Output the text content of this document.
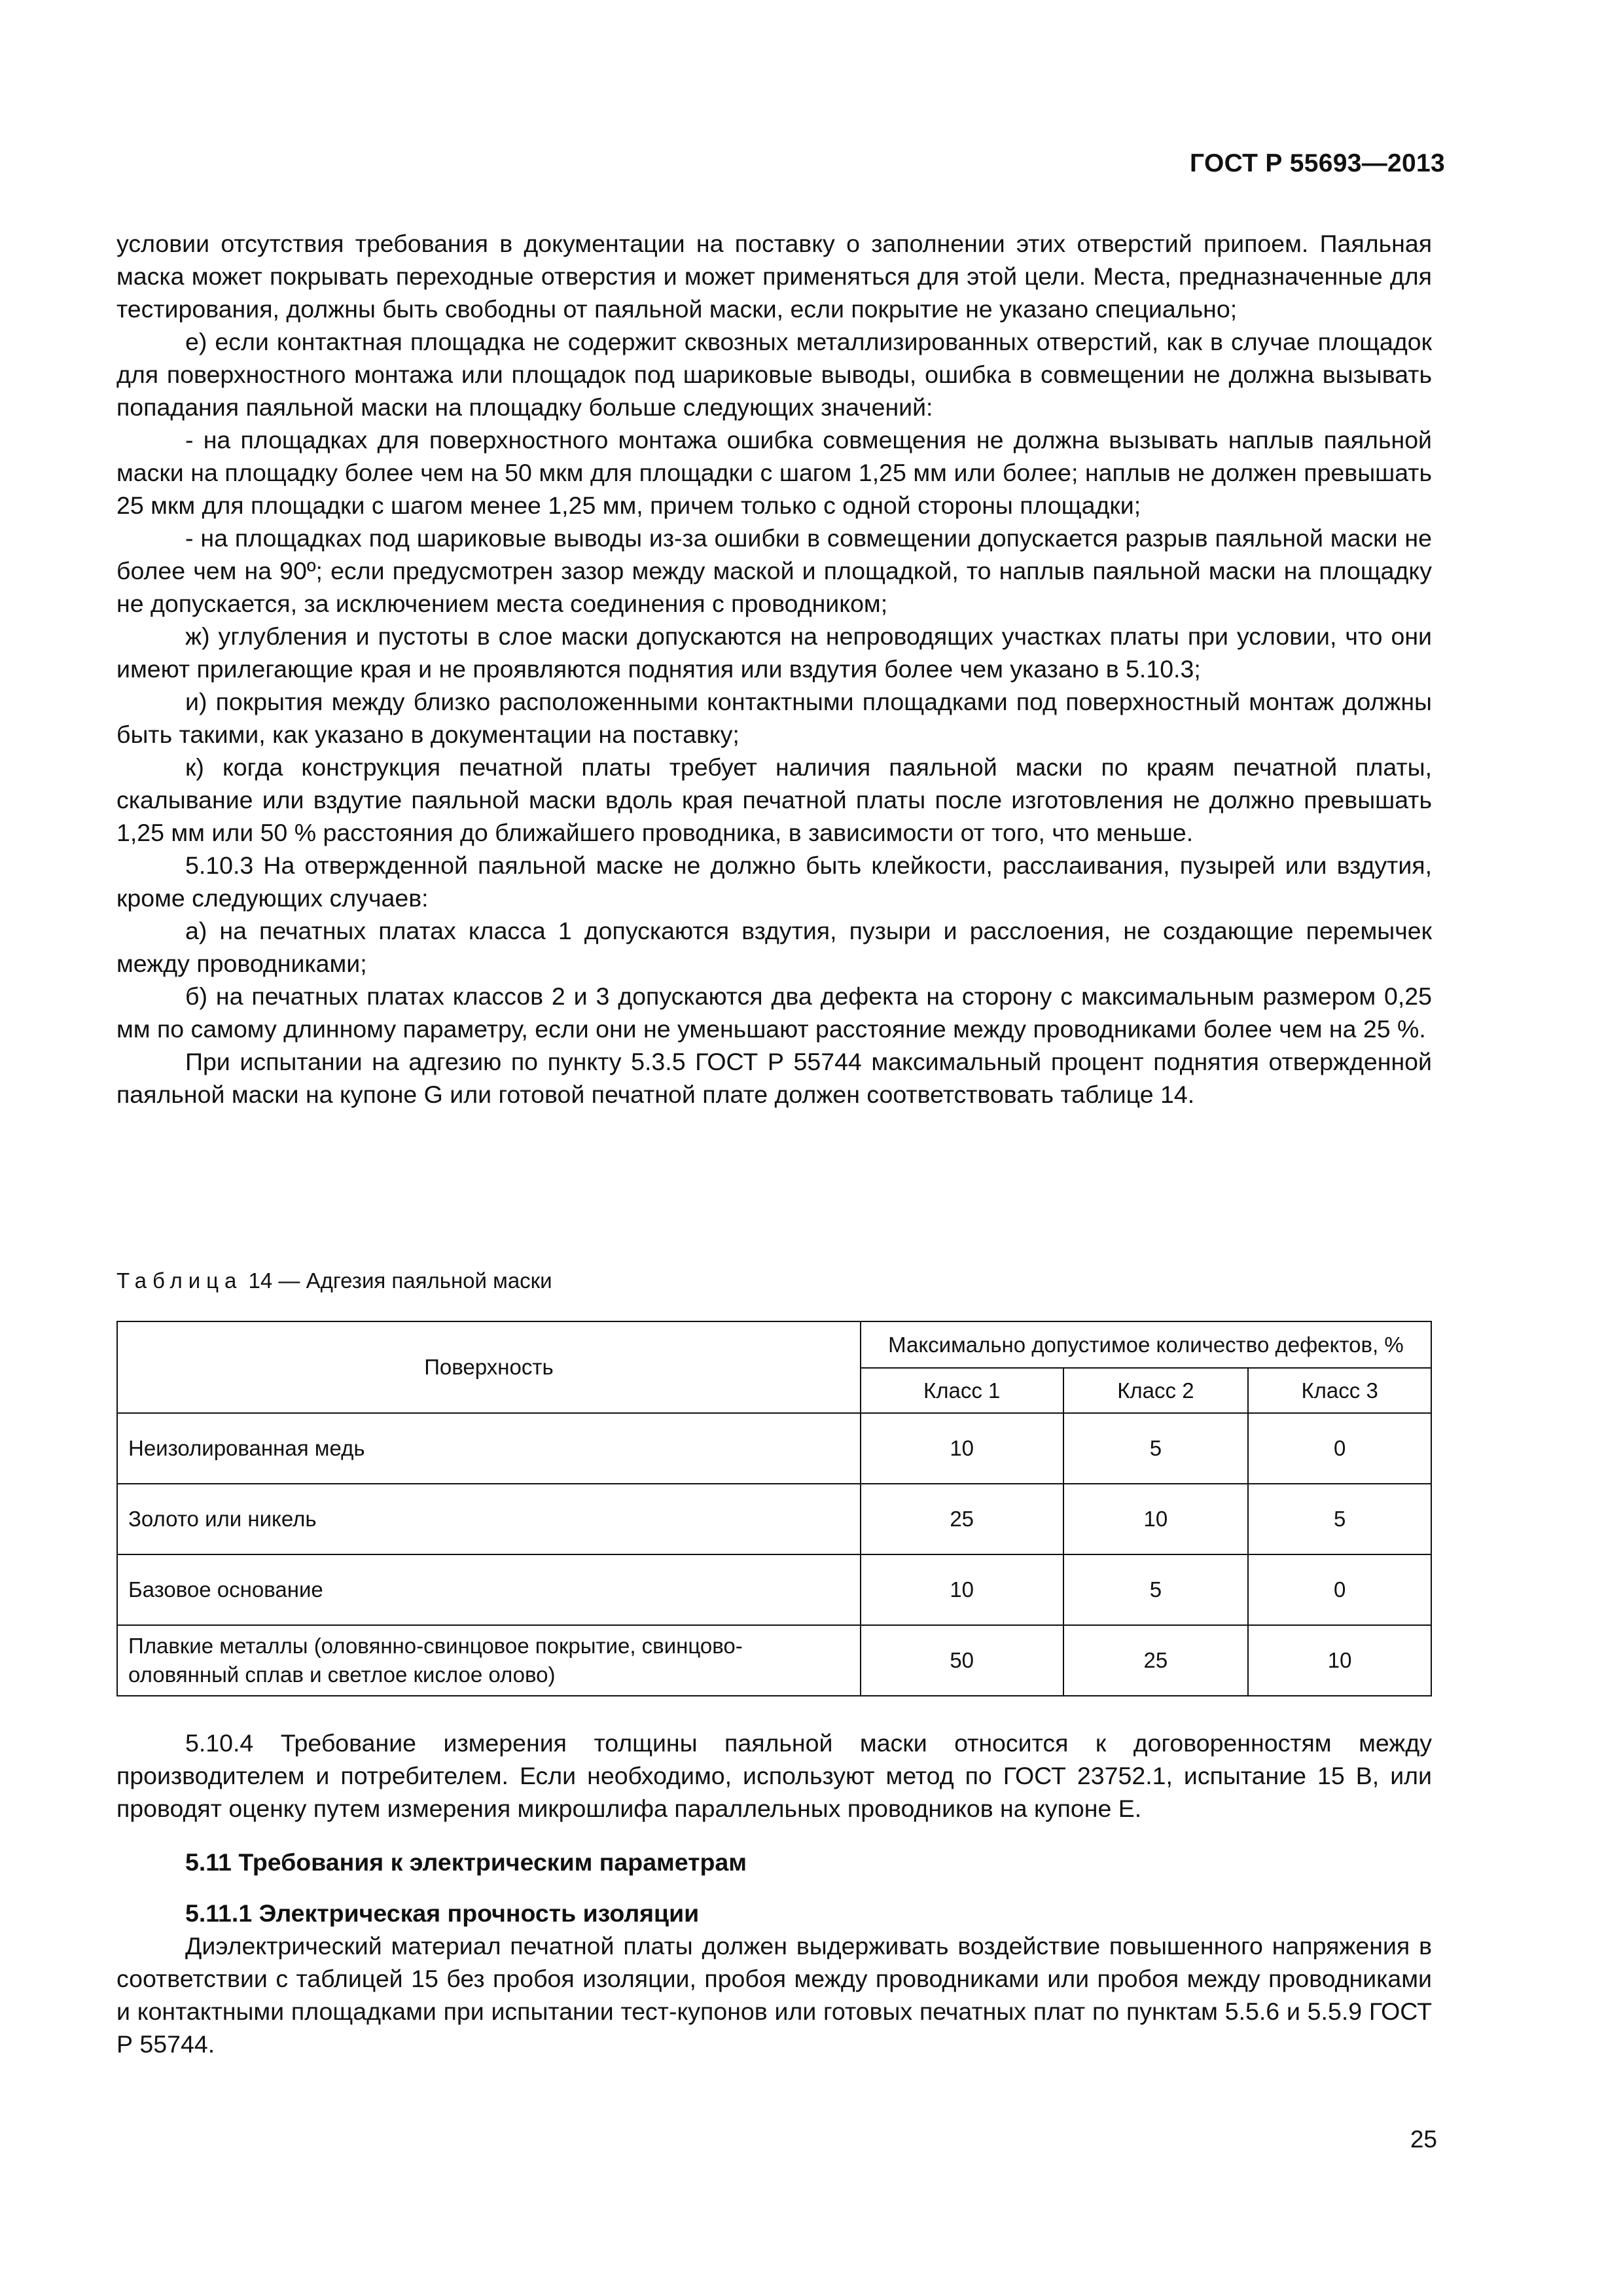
ГОСТ Р 55693—2013

условии отсутствия требования в документации на поставку о заполнении этих отверстий припоем. Паяльная маска может покрывать переходные отверстия и может применяться для этой цели. Места, предназначенные для тестирования, должны быть свободны от паяльной маски, если покрытие не указано специально;

е) если контактная площадка не содержит сквозных металлизированных отверстий, как в случае площадок для поверхностного монтажа или площадок под шариковые выводы, ошибка в совмещении не должна вызывать попадания паяльной маски на площадку больше следующих значений:

- на площадках для поверхностного монтажа ошибка совмещения не должна вызывать наплыв паяльной маски на площадку более чем на 50 мкм для площадки с шагом 1,25 мм или более; наплыв не должен превышать 25 мкм для площадки с шагом менее 1,25 мм, причем только с одной стороны площадки;

- на площадках под шариковые выводы из-за ошибки в совмещении допускается разрыв паяльной маски не более чем на 90º; если предусмотрен зазор между маской и площадкой, то наплыв паяльной маски на площадку не допускается, за исключением места соединения с проводником;

ж) углубления и пустоты в слое маски допускаются на непроводящих участках платы при условии, что они имеют прилегающие края и не проявляются поднятия или вздутия более чем указано в 5.10.3;

и) покрытия между близко расположенными контактными площадками под поверхностный монтаж должны быть такими, как указано в документации на поставку;

к) когда конструкция печатной платы требует наличия паяльной маски по краям печатной платы, скалывание или вздутие паяльной маски вдоль края печатной платы после изготовления не должно превышать 1,25 мм или 50 % расстояния до ближайшего проводника, в зависимости от того, что меньше.

5.10.3 На отвержденной паяльной маске не должно быть клейкости, расслаивания, пузырей или вздутия, кроме следующих случаев:

а) на печатных платах класса 1 допускаются вздутия, пузыри и расслоения, не создающие перемычек между проводниками;

б) на печатных платах классов 2 и 3 допускаются два дефекта на сторону с максимальным размером 0,25 мм по самому длинному параметру, если они не уменьшают расстояние между проводниками более чем на 25 %.

При испытании на адгезию по пункту 5.3.5 ГОСТ Р 55744 максимальный процент поднятия отвержденной паяльной маски на купоне G или готовой печатной плате должен соответствовать таблице 14.

Таблица 14 — Адгезия паяльной маски
Поверхность	Максимально допустимое количество дефектов, %		
	Класс 1	Класс 2	Класс 3
Неизолированная медь	10	5	0
Золото или никель	25	10	5
Базовое основание	10	5	0
Плавкие металлы (оловянно-свинцовое покрытие, свинцово-оловянный сплав и светлое кислое олово)	50	25	10

5.10.4 Требование измерения толщины паяльной маски относится к договоренностям между производителем и потребителем. Если необходимо, используют метод по ГОСТ 23752.1, испытание 15 В, или проводят оценку путем измерения микрошлифа параллельных проводников на купоне Е.

5.11 Требования к электрическим параметрам

5.11.1 Электрическая прочность изоляции

Диэлектрический материал печатной платы должен выдерживать воздействие повышенного напряжения в соответствии с таблицей 15 без пробоя изоляции, пробоя между проводниками или пробоя между проводниками и контактными площадками при испытании тест-купонов или готовых печатных плат по пунктам 5.5.6 и 5.5.9 ГОСТ Р 55744.

25
